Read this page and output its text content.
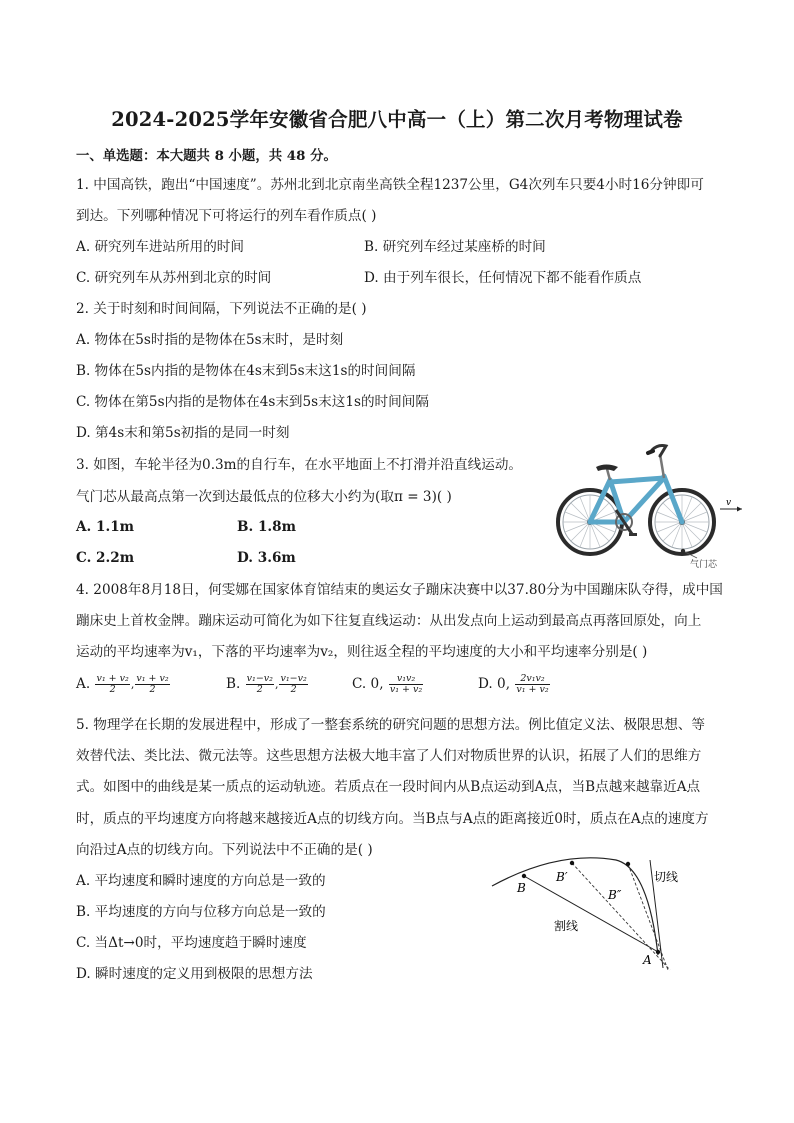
2024-2025学年安徽省合肥八中高一（上）第二次月考物理试卷
一、单选题：本大题共 8 小题，共 48 分。
1. 中国高铁，跑出“中国速度”。苏州北到北京南坐高铁全程1237公里，G4次列车只要4小时16分钟即可
到达。下列哪种情况下可将运行的列车看作质点( )
A. 研究列车进站所用的时间	B. 研究列车经过某座桥的时间
C. 研究列车从苏州到北京的时间	D. 由于列车很长，任何情况下都不能看作质点
2. 关于时刻和时间间隔，下列说法不正确的是( )
A. 物体在5s时指的是物体在5s末时，是时刻
B. 物体在5s内指的是物体在4s末到5s末这1s的时间间隔
C. 物体在第5s内指的是物体在4s末到5s末这1s的时间间隔
D. 第4s末和第5s初指的是同一时刻
3. 如图，车轮半径为0.3m的自行车，在水平地面上不打滑并沿直线运动。
气门芯从最高点第一次到达最低点的位移大小约为(取π = 3)( )
A. 1.1m	B. 1.8m
C. 2.2m	D. 3.6m
v
气门芯
4. 2008年8月18日，何雯娜在国家体育馆结束的奥运女子蹦床决赛中以37.80分为中国蹦床队夺得，成中国
蹦床史上首枚金牌。蹦床运动可简化为如下往复直线运动：从出发点向上运动到最高点再落回原处，向上
运动的平均速率为v₁，下落的平均速率为v₂，则往返全程的平均速度的大小和平均速率分别是( )
A. $\frac{\text{v₁ + v₂}}{2}$ , $\frac{\text{v₁ + v₂}}{2}$	B. $\frac{\text{v₁−v₂}}{2}$ , $\frac{\text{v₁−v₂}}{2}$	C. 0, $\frac{\text{v₁v₂}}{\text{v₁ + v₂}}$	D. 0, $\frac{\text{2v₁v₂}}{\text{v₁ + v₂}}$
5. 物理学在长期的发展进程中，形成了一整套系统的研究问题的思想方法。例比值定义法、极限思想、等
效替代法、类比法、微元法等。这些思想方法极大地丰富了人们对物质世界的认识，拓展了人们的思维方
式。如图中的曲线是某一质点的运动轨迹。若质点在一段时间内从B点运动到A点，当B点越来越靠近A点
时，质点的平均速度方向将越来越接近A点的切线方向。当B点与A点的距离接近0时，质点在A点的速度方
向沿过A点的切线方向。下列说法中不正确的是( )
A. 平均速度和瞬时速度的方向总是一致的
B. 平均速度的方向与位移方向总是一致的
C. 当Δt→0时，平均速度趋于瞬时速度
D. 瞬时速度的定义用到极限的思想方法
B
B′
B″
A
切线
割线
